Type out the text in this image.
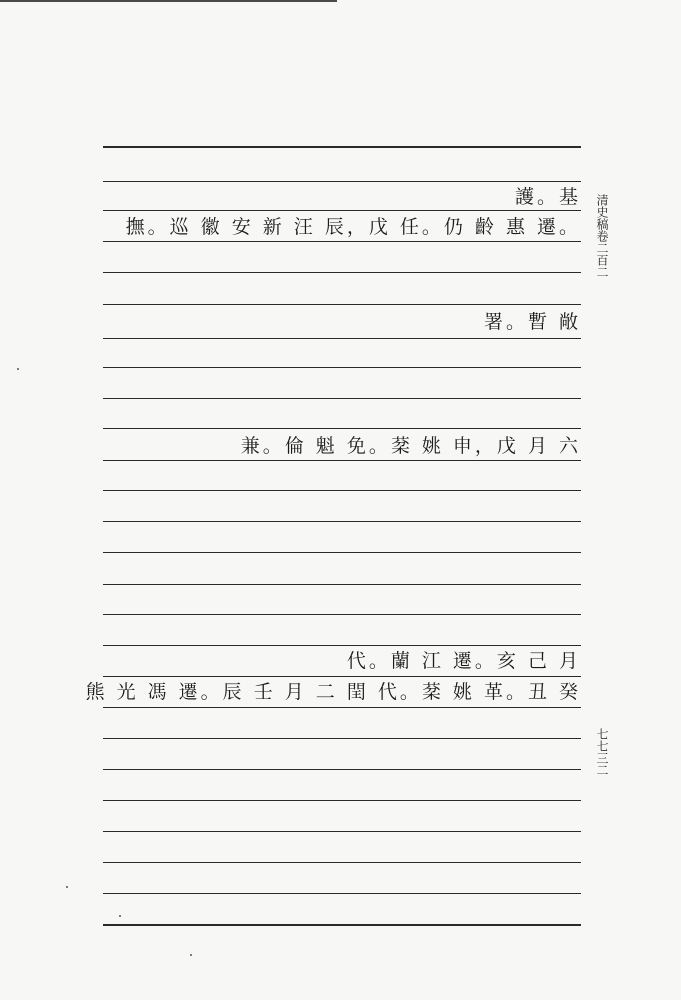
護。基
撫。巡 徽 安 新 汪 辰，戊 任。仍 齡 惠 遷。
署。暫 敞
兼。倫 魁 免。棻 姚 申，戊 月 六
代。蘭 江 遷。亥 己 月
熊 光 馮 遷。辰 壬 月 二 閏 代。棻 姚 革。丑 癸
清史稿卷二百二
七七三二
